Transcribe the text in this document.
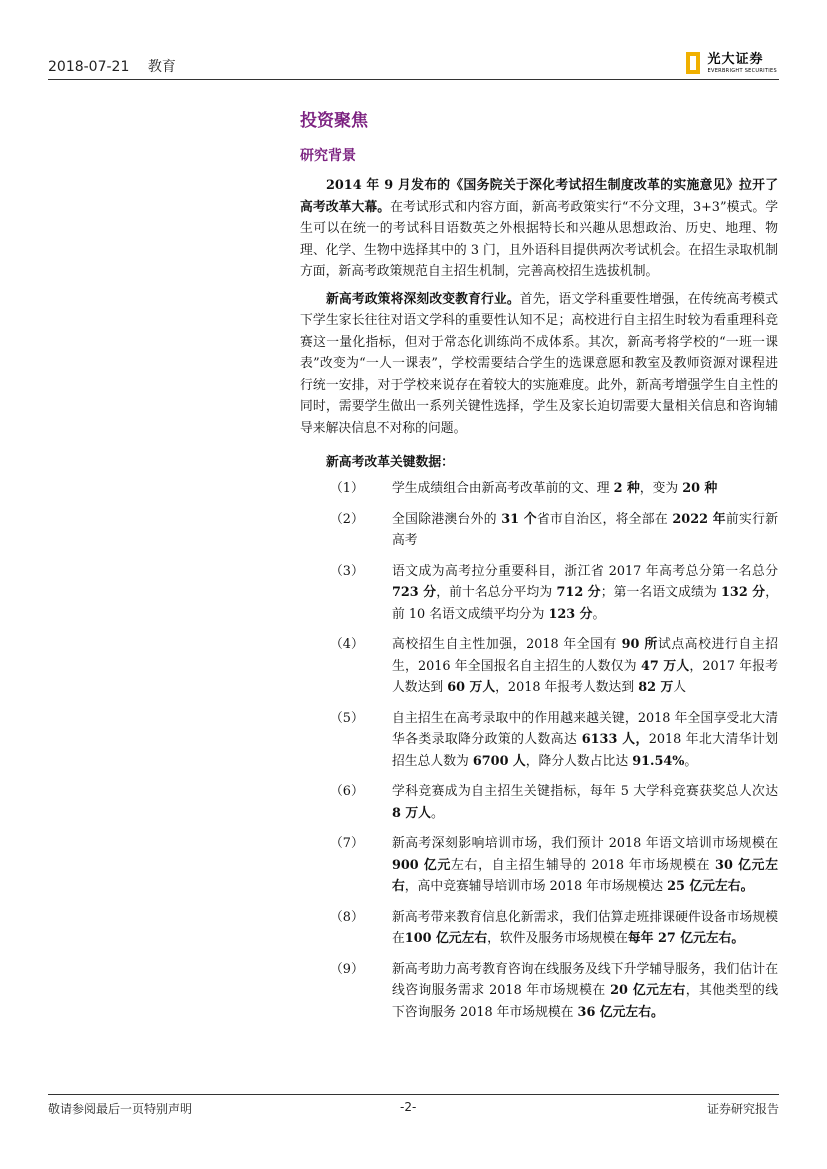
2018-07-21 教育	光大证券
EVERBRIGHT SECURITIES
投资聚焦
研究背景

2014 年 9 月发布的《国务院关于深化考试招生制度改革的实施意见》拉开了高考改革大幕。在考试形式和内容方面，新高考政策实行“不分文理，3+3”模式。学生可以在统一的考试科目语数英之外根据特长和兴趣从思想政治、历史、地理、物理、化学、生物中选择其中的 3 门，且外语科目提供两次考试机会。在招生录取机制方面，新高考政策规范自主招生机制，完善高校招生选拔机制。

新高考政策将深刻改变教育行业。首先，语文学科重要性增强，在传统高考模式下学生家长往往对语文学科的重要性认知不足；高校进行自主招生时较为看重理科竞赛这一量化指标，但对于常态化训练尚不成体系。其次，新高考将学校的“一班一课表”改变为“一人一课表”，学校需要结合学生的选课意愿和教室及教师资源对课程进行统一安排，对于学校来说存在着较大的实施难度。此外，新高考增强学生自主性的同时，需要学生做出一系列关键性选择，学生及家长迫切需要大量相关信息和咨询辅导来解决信息不对称的问题。

新高考改革关键数据：
（1）	学生成绩组合由新高考改革前的文、理 2 种，变为 20 种
（2）	全国除港澳台外的 31 个省市自治区，将全部在 2022 年前实行新高考
（3）	语文成为高考拉分重要科目，浙江省 2017 年高考总分第一名总分 723 分，前十名总分平均为 712 分；第一名语文成绩为 132 分，前 10 名语文成绩平均分为 123 分。
（4）	高校招生自主性加强，2018 年全国有 90 所试点高校进行自主招生，2016 年全国报名自主招生的人数仅为 47 万人，2017 年报考人数达到 60 万人，2018 年报考人数达到 82 万人
（5）	自主招生在高考录取中的作用越来越关键，2018 年全国享受北大清华各类录取降分政策的人数高达 6133 人，2018 年北大清华计划招生总人数为 6700 人，降分人数占比达 91.54%。
（6）	学科竞赛成为自主招生关键指标，每年 5 大学科竞赛获奖总人次达 8 万人。
（7）	新高考深刻影响培训市场，我们预计 2018 年语文培训市场规模在 900 亿元左右，自主招生辅导的 2018 年市场规模在 30 亿元左右，高中竞赛辅导培训市场 2018 年市场规模达 25 亿元左右。
（8）	新高考带来教育信息化新需求，我们估算走班排课硬件设备市场规模在100 亿元左右，软件及服务市场规模在每年 27 亿元左右。
（9）	新高考助力高考教育咨询在线服务及线下升学辅导服务，我们估计在线咨询服务需求 2018 年市场规模在 20 亿元左右，其他类型的线下咨询服务 2018 年市场规模在 36 亿元左右。
敬请参阅最后一页特别声明	-2-	证券研究报告
